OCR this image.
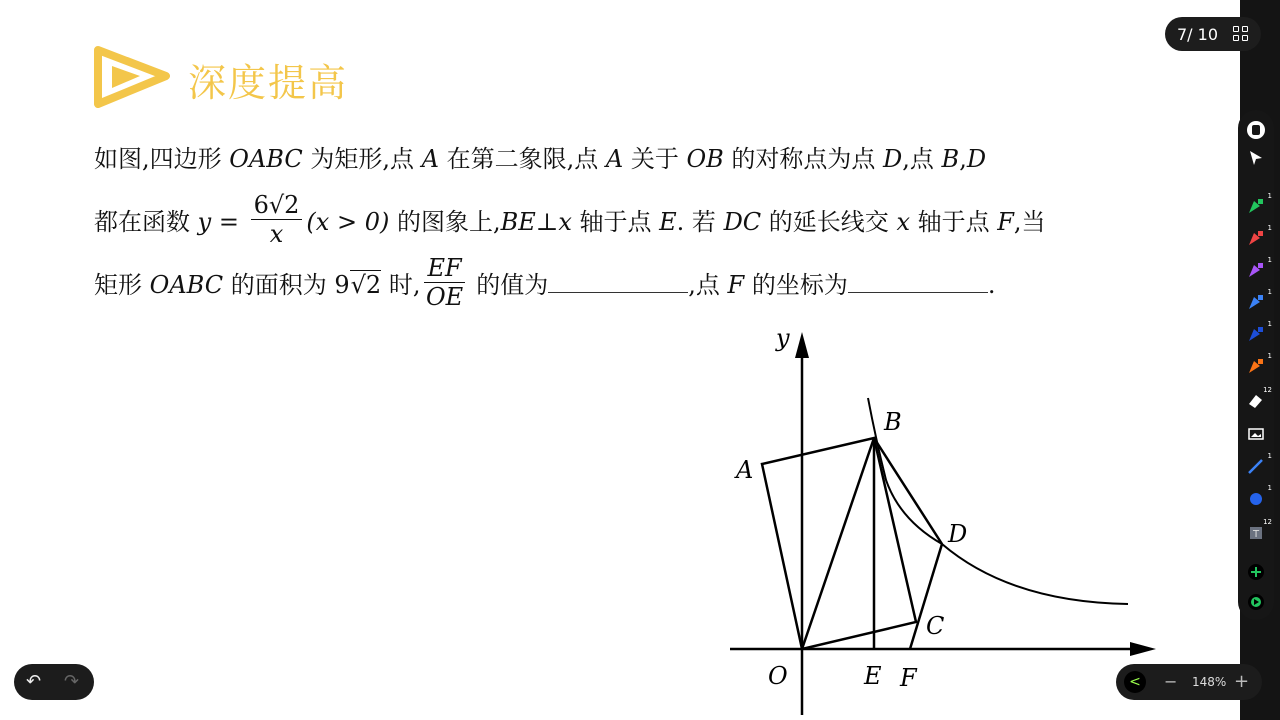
深度提高
如图,四边形 OABC 为矩形,点 A 在第二象限,点 A 关于 OB 的对称点为点 D,点 B,D
都在函数 $y = \frac{6√2}{x} (x > 0)$ 的图象上,BE⊥x 轴于点 E. 若 DC 的延长线交 x 轴于点 F,当
矩形 OABC 的面积为 9√2 时, $\frac{EF}{OE}$ 的值为	,点 F 的坐标为	.
y
O
A
B
C
D
E F
7/ 10
1
1
1
1
1
1
12
1
1
T
12
↶ ↷	<	− 148% +
